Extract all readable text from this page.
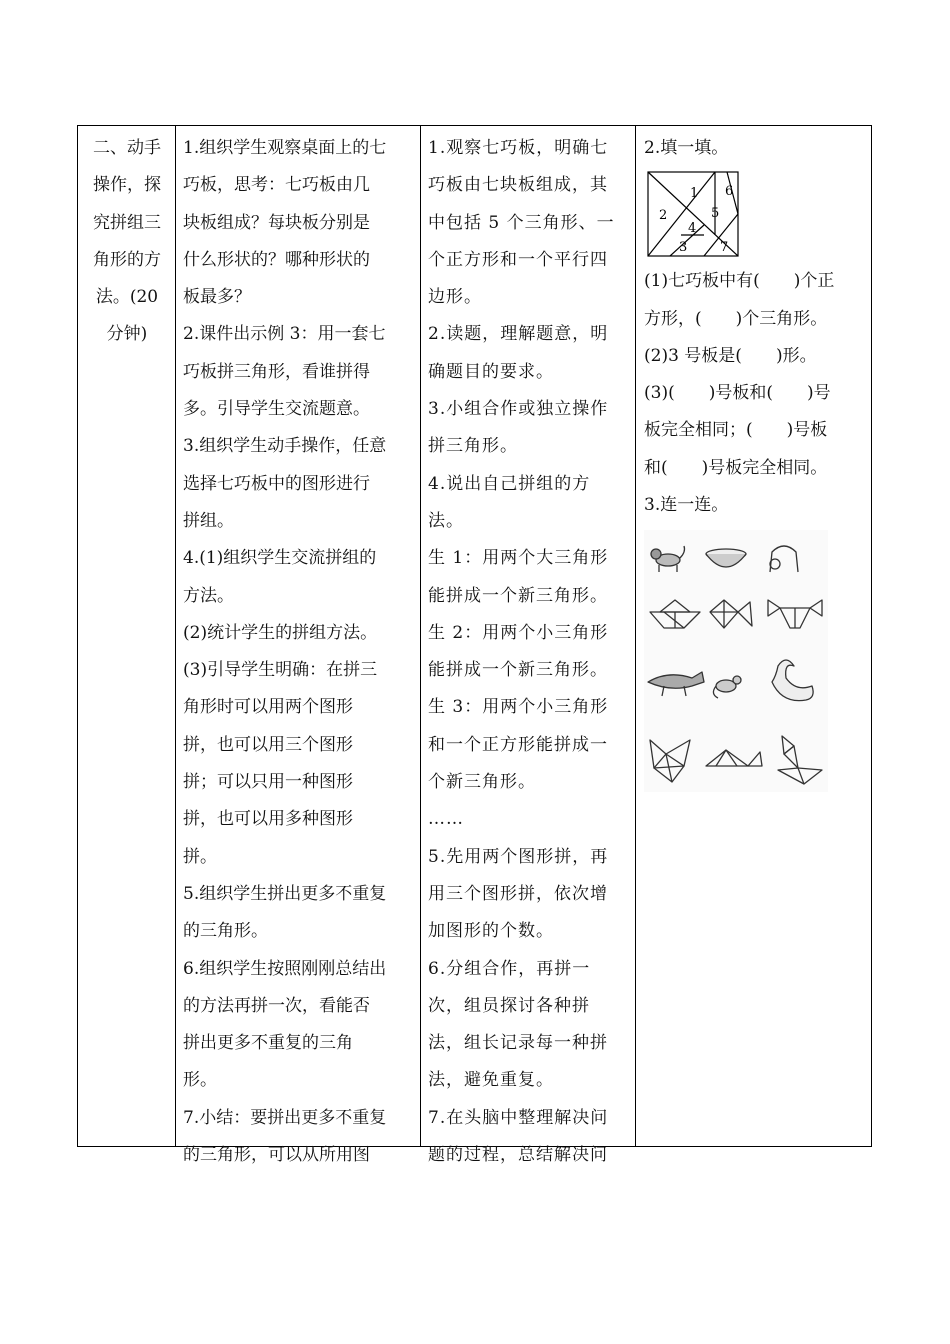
二、动手
操作，探
究拼组三
角形的方
法。(20
分钟)
1.组织学生观察桌面上的七
巧板，思考：七巧板由几
块板组成？每块板分别是
什么形状的？哪种形状的
板最多？
2.课件出示例 3：用一套七
巧板拼三角形，看谁拼得
多。引导学生交流题意。
3.组织学生动手操作，任意
选择七巧板中的图形进行
拼组。
4.(1)组织学生交流拼组的
方法。
(2)统计学生的拼组方法。
(3)引导学生明确：在拼三
角形时可以用两个图形
拼，也可以用三个图形
拼；可以只用一种图形
拼，也可以用多种图形
拼。
5.组织学生拼出更多不重复
的三角形。
6.组织学生按照刚刚总结出
的方法再拼一次，看能否
拼出更多不重复的三角
形。
7.小结：要拼出更多不重复
的三角形，可以从所用图
1.观察七巧板，明确七
巧板由七块板组成，其
中包括 5 个三角形、一
个正方形和一个平行四
边形。
2.读题，理解题意，明
确题目的要求。
3.小组合作或独立操作
拼三角形。
4.说出自己拼组的方
法。
生 1：用两个大三角形
能拼成一个新三角形。
生 2：用两个小三角形
能拼成一个新三角形。
生 3：用两个小三角形
和一个正方形能拼成一
个新三角形。
……
5.先用两个图形拼，再
用三个图形拼，依次增
加图形的个数。
6.分组合作，再拼一
次，组员探讨各种拼
法，组长记录每一种拼
法，避免重复。
7.在头脑中整理解决问
题的过程，总结解决问
2.填一填。
1
2
3
4
5
6
7
(1)七巧板中有( )个正
方形，( )个三角形。
(2)3 号板是( )形。
(3)( )号板和( )号
板完全相同；( )号板
和( )号板完全相同。
3.连一连。
